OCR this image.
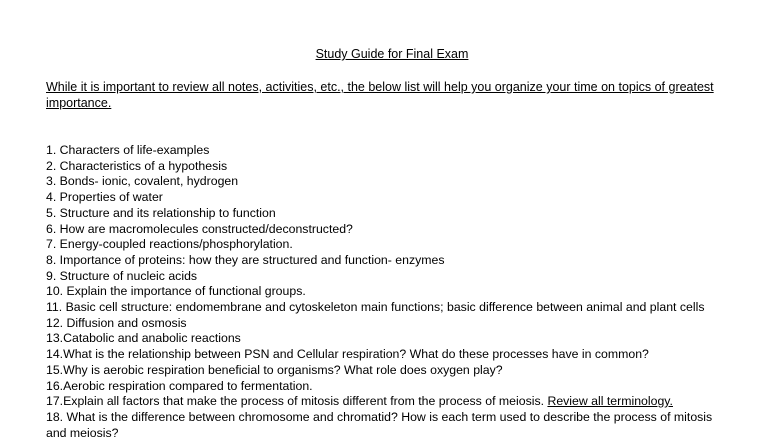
Study Guide for Final Exam
While it is important to review all notes, activities, etc., the below list will help you organize your time on topics of greatest importance.
1. Characters of life-examples
2. Characteristics of a hypothesis
3. Bonds- ionic, covalent, hydrogen
4. Properties of water
5. Structure and its relationship to function
6. How are macromolecules constructed/deconstructed?
7. Energy-coupled reactions/phosphorylation.
8. Importance of proteins: how they are structured and function- enzymes
9. Structure of nucleic acids
10. Explain the importance of functional groups.
11. Basic cell structure: endomembrane and cytoskeleton main functions; basic difference between animal and plant cells
12. Diffusion and osmosis
13.Catabolic and anabolic reactions
14.What is the relationship between PSN and Cellular respiration? What do these processes have in common?
15.Why is aerobic respiration beneficial to organisms? What role does oxygen play?
16.Aerobic respiration compared to fermentation.
17.Explain all factors that make the process of mitosis different from the process of meiosis. Review all terminology.
18. What is the difference between chromosome and chromatid? How is each term used to describe the process of mitosis and meiosis?
